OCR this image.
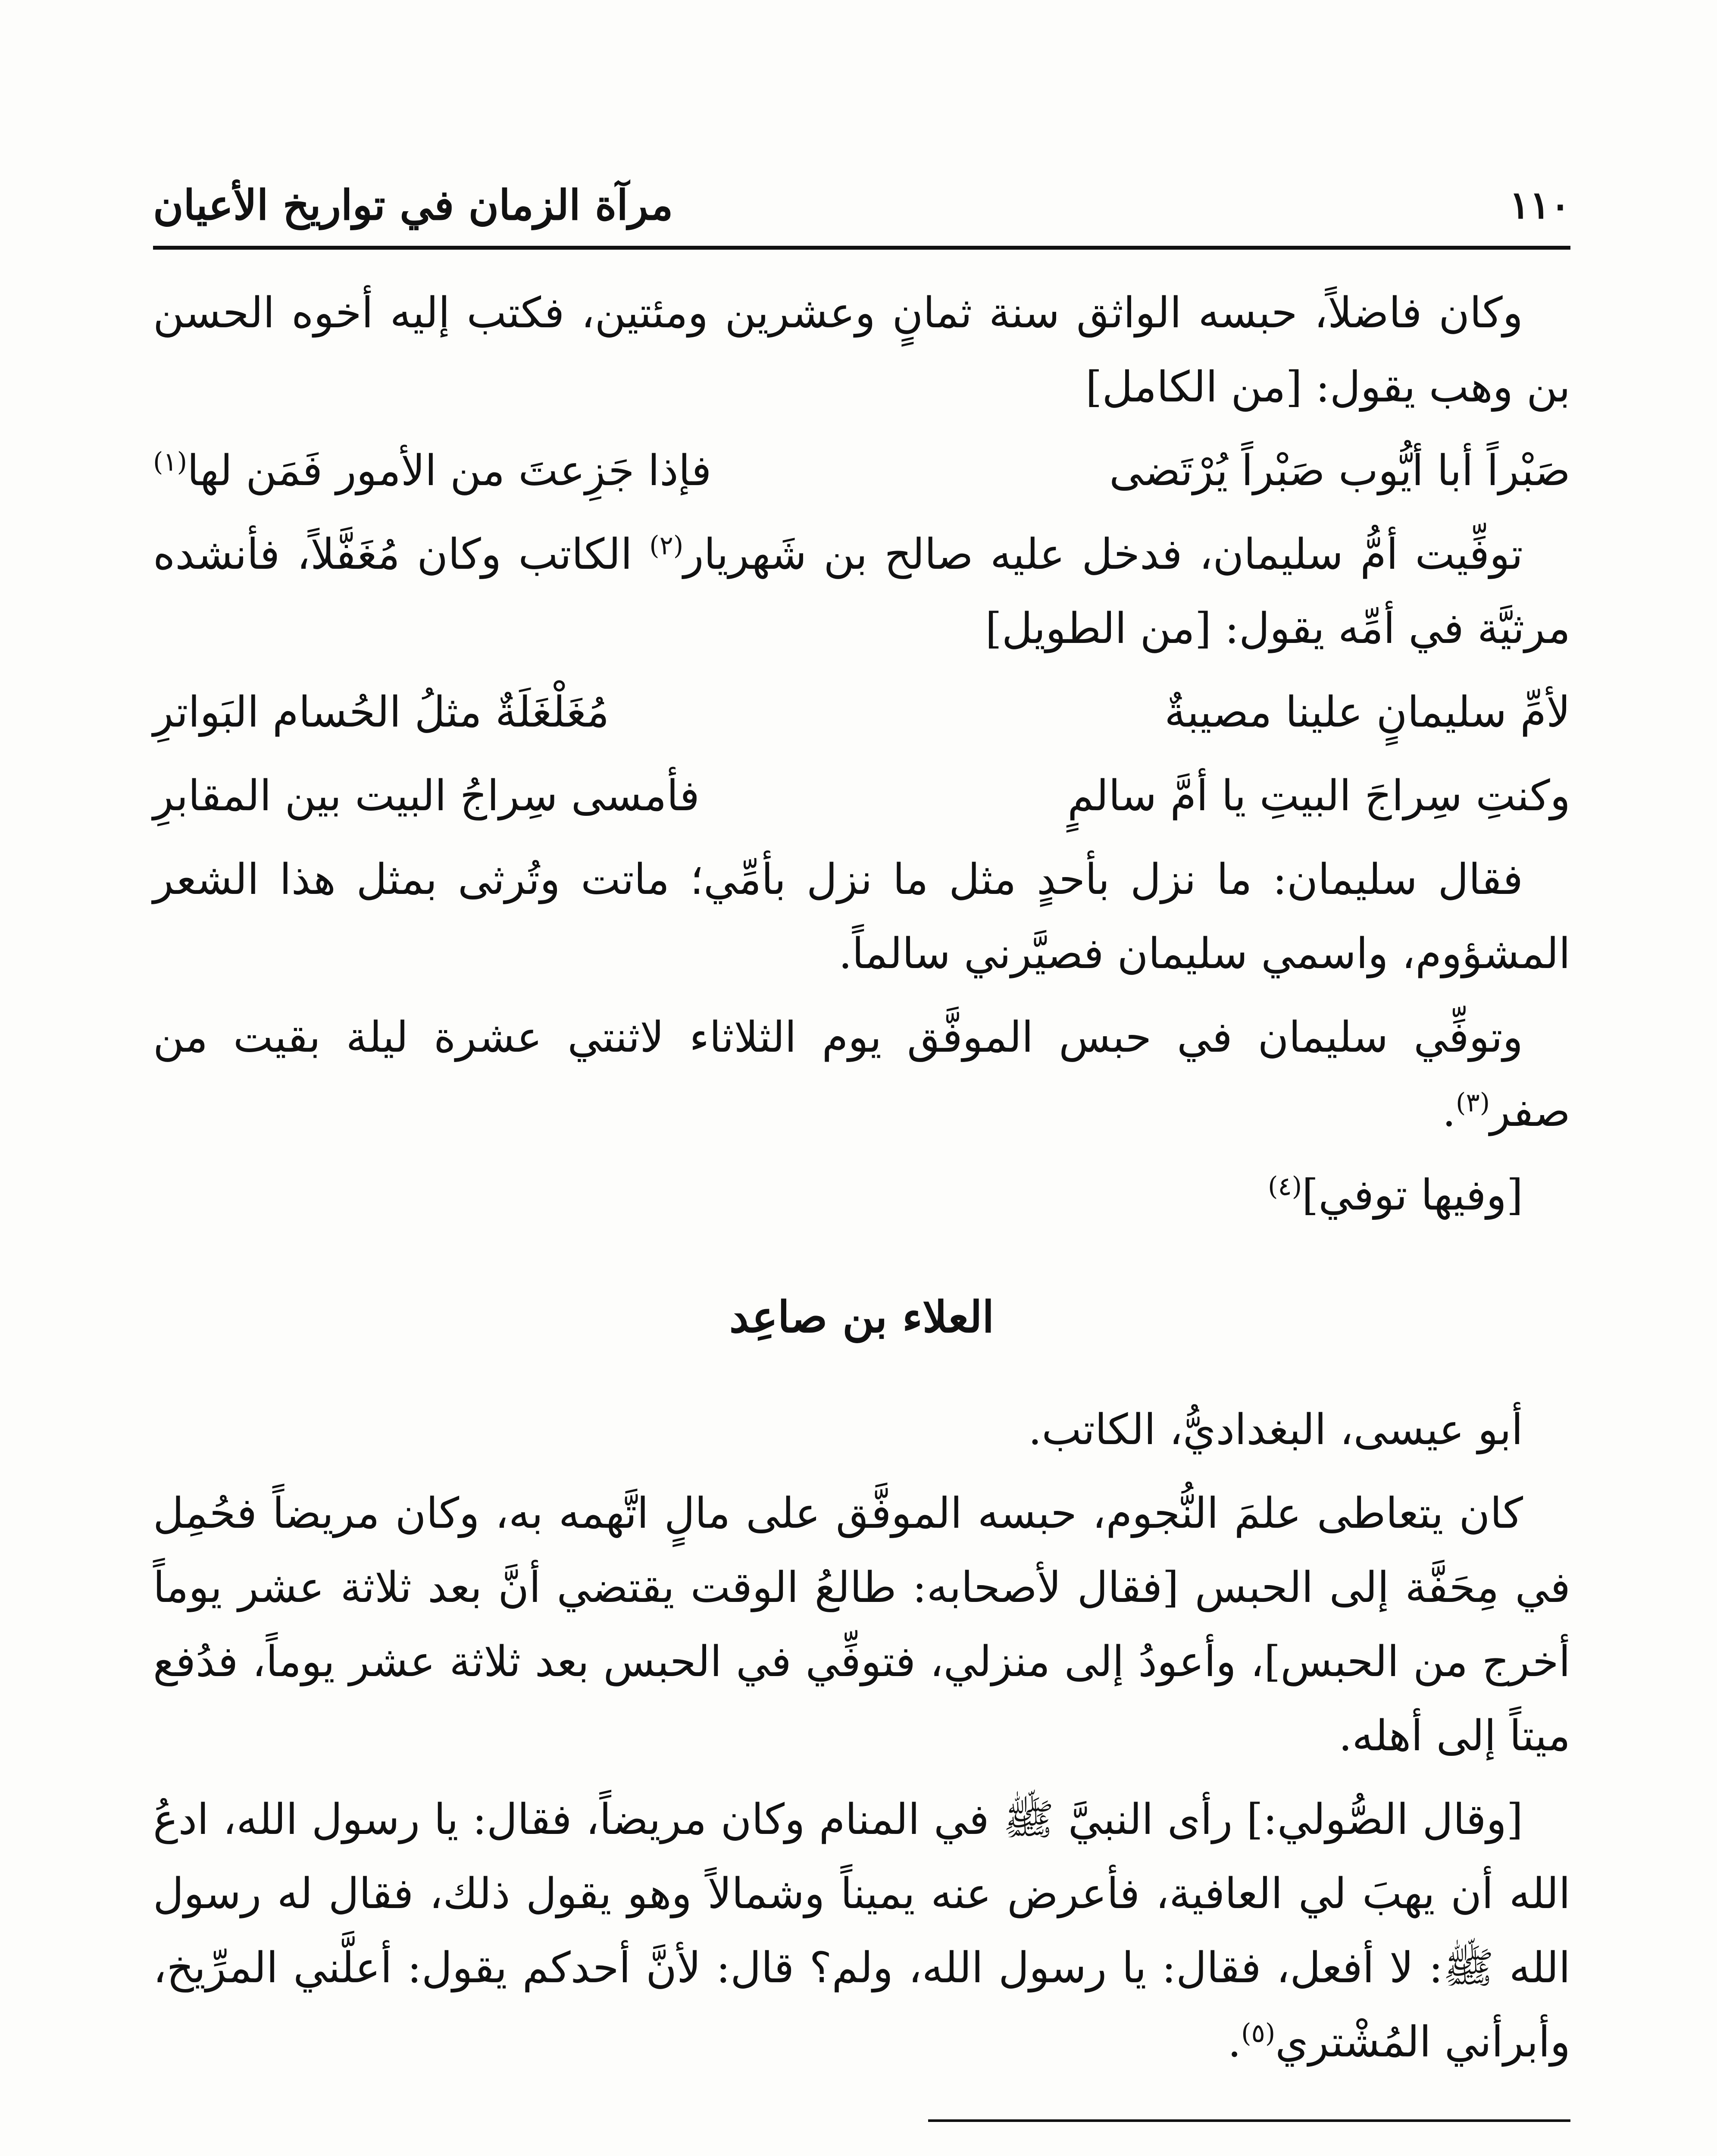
١١٠
مرآة الزمان في تواريخ الأعيان

وكان فاضلاً، حبسه الواثق سنة ثمانٍ وعشرين ومئتين، فكتب إليه أخوه الحسن بن وهب يقول: [من الكامل]

صَبْراً أبا أيُّوب صَبْراً يُرْتَضى
فإذا جَزِعتَ من الأمور فَمَن لها$^{(١)}$

توفِّيت أمُّ سليمان، فدخل عليه صالح بن شَهريار$^{(٢)}$ الكاتب وكان مُغَفَّلاً، فأنشده مرثيَّة في أمِّه يقول: [من الطويل]

لأمِّ سليمانٍ علينا مصيبةٌ
مُغَلْغَلَةٌ مثلُ الحُسام البَواترِ
وكنتِ سِراجَ البيتِ يا أمَّ سالمٍ
فأمسى سِراجُ البيت بين المقابرِ

فقال سليمان: ما نزل بأحدٍ مثل ما نزل بأمِّي؛ ماتت وتُرثى بمثل هذا الشعر المشؤوم، واسمي سليمان فصيَّرني سالماً.

وتوفِّي سليمان في حبس الموفَّق يوم الثلاثاء لاثنتي عشرة ليلة بقيت من صفر$^{(٣)}$.

[وفيها توفي]$^{(٤)}$

العلاء بن صاعِد

أبو عيسى، البغداديُّ، الكاتب.

كان يتعاطى علمَ النُّجوم، حبسه الموفَّق على مالٍ اتَّهمه به، وكان مريضاً فحُمِل في مِحَفَّة إلى الحبس [فقال لأصحابه: طالعُ الوقت يقتضي أنَّ بعد ثلاثة عشر يوماً أخرج من الحبس]، وأعودُ إلى منزلي، فتوفِّي في الحبس بعد ثلاثة عشر يوماً، فدُفع ميتاً إلى أهله.

[وقال الصُّولي:] رأى النبيَّ ﷺ في المنام وكان مريضاً، فقال: يا رسول الله، ادعُ الله أن يهبَ لي العافية، فأعرض عنه يميناً وشمالاً وهو يقول ذلك، فقال له رسول الله ﷺ: لا أفعل، فقال: يا رسول الله، ولم؟ قال: لأنَّ أحدكم يقول: أعلَّني المرِّيخ، وأبرأني المُشْتري$^{(٥)}$.
